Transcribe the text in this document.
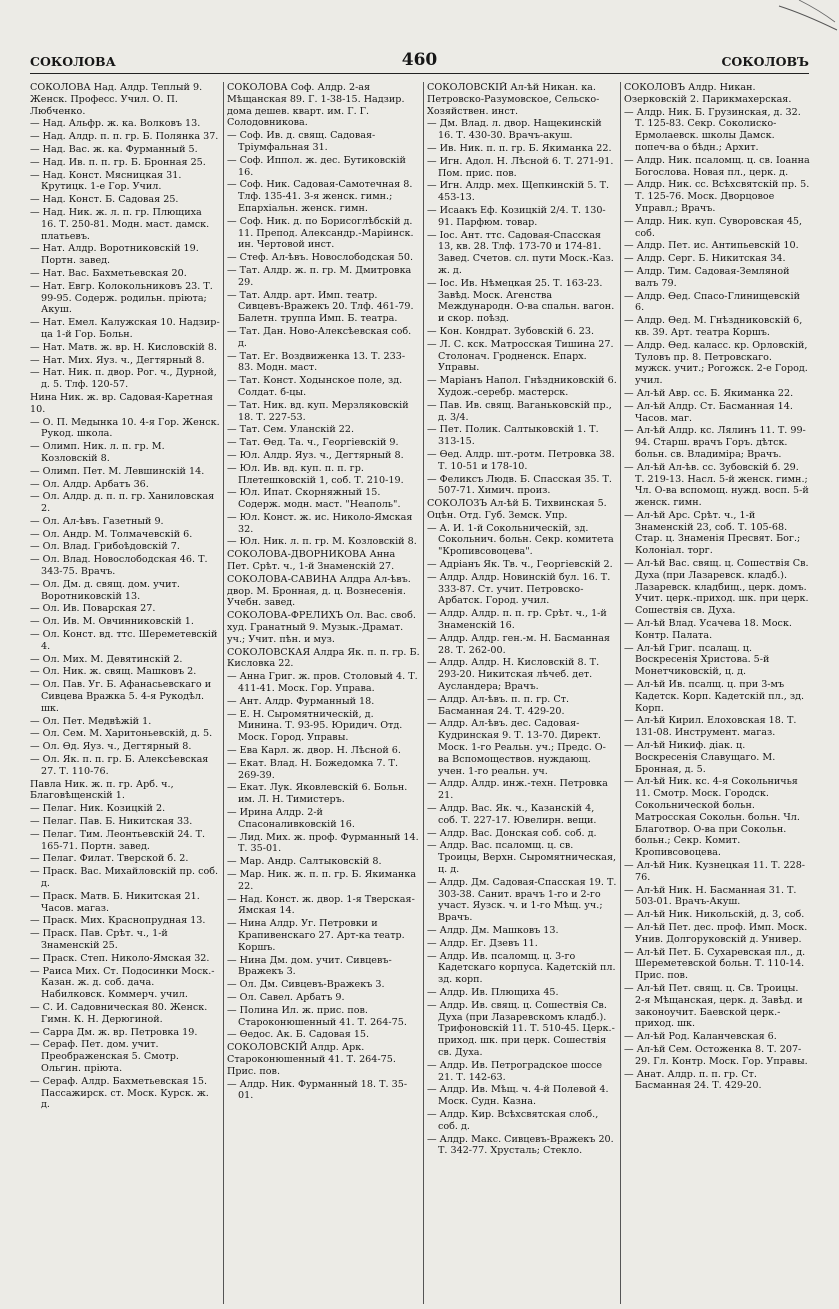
СОКОЛОВА	460	СОКОЛОВЪ
СОКОЛОВА Над. Алдр. Теплый 9. Женск. Професс. Учил. О. П. Любченко.
— Над. Альфр. ж. ка. Волковъ 13.
— Над. Алдр. п. п. гр. Б. Полянка 37.
— Над. Вас. ж. ка. Фурманный 5.
— Над. Ив. п. п. гр. Б. Бронная 25.
— Над. Конст. Мясницкая 31. Крутицк. 1-е Гор. Учил.
— Над. Конст. Б. Садовая 25.
— Над. Ник. ж. л. п. гр. Плющиха 16. Т. 250-81. Модн. маст. дамск. платьевъ.
— Нат. Алдр. Воротниковскій 19. Портн. завед.
— Нат. Вас. Бахметьевская 20.
— Нат. Евгр. Колокольниковъ 23. Т. 99-95. Содерж. родильн. пріюта; Акуш.
— Нат. Емел. Калужская 10. Надзир-ца 1-й Гор. Больн.
— Нат. Матв. ж. вр. Н. Кисловскій 8.
— Нат. Мих. Яуз. ч., Дегтярный 8.
— Нат. Ник. п. двор. Рог. ч., Дурной, д. 5. Тлф. 120-57.
Нина Ник. ж. вр. Садовая-Каретная 10.
— О. П. Медынка 10. 4-я Гор. Женск. Рукод. школа.
— Олимп. Ник. л. п. гр. М. Козловскій 8.
— Олимп. Пет. М. Левшинскій 14.
— Ол. Алдр. Арбатъ 36.
— Ол. Алдр. д. п. п. гр. Ханиловская 2.
— Ол. Ал-ѣвъ. Газетный 9.
— Ол. Андр. М. Толмачевскій 6.
— Ол. Влад. Грибоѣдовскій 7.
— Ол. Влад. Новослободская 46. Т. 343-75. Врачъ.
— Ол. Дм. д. свящ. дом. учит. Воротниковскій 13.
— Ол. Ив. Поварская 27.
— Ол. Ив. М. Овчинниковскій 1.
— Ол. Конст. вд. ттс. Шереметевскій 4.
— Ол. Мих. М. Девятинскій 2.
— Ол. Ник. ж. свящ. Машковъ 2.
— Ол. Пав. Уг. Б. Афанасьевскаго и Сивцева Вражка 5. 4-я Рукодѣл. шк.
— Ол. Пет. Медвѣжій 1.
— Ол. Сем. М. Харитоньевскій, д. 5.
— Ол. Ѳд. Яуз. ч., Дегтярный 8.
— Ол. Як. п. п. гр. Б. Алексѣевская 27. Т. 110-76.
Павла Ник. ж. п. гр. Арб. ч., Благовѣщенскій 1.
— Пелаг. Ник. Козицкій 2.
— Пелаг. Пав. Б. Никитская 33.
— Пелаг. Тим. Леонтьевскій 24. Т. 165-71. Портн. завед.
— Пелаг. Филат. Тверской б. 2.
— Праск. Вас. Михайловскій пр. соб. д.
— Праск. Матв. Б. Никитская 21. Часов. магаз.
— Праск. Мих. Краснопрудная 13.
— Праск. Пав. Срѣт. ч., 1-й Знаменскій 25.
— Праск. Степ. Николо-Ямская 32.
— Раиса Мих. Ст. Подосинки Моск.-Казан. ж. д. соб. дача. Набилковск. Коммерч. учил.
— С. И. Садовническая 80. Женск. Гимн. К. Н. Дерюгиной.
— Сарра Дм. ж. вр. Петровка 19.
— Сераф. Пет. дом. учит. Преображенская 5. Смотр. Ольгин. пріюта.
— Сераф. Алдр. Бахметьевская 15. Пассажирск. ст. Моск. Курск. ж. д.
СОКОЛОВА Соф. Алдр. 2-ая Мѣщанская 89. Г. 1-38-15. Надзир. дома дешев. кварт. им. Г. Г. Солодовникова.
— Соф. Ив. д. свящ. Садовая-Тріумфальная 31.
— Соф. Иппол. ж. дес. Бутиковскій 16.
— Соф. Ник. Садовая-Самотечная 8. Тлф. 135-41. 3-я женск. гимн.; Епархіальн. женск. гимн.
— Соф. Ник. д. по Борисоглѣбскій д. 11. Препод. Александр.-Маріинск. ин. Чертовой инст.
— Стеф. Ал-ѣвъ. Новослободская 50.
— Тат. Алдр. ж. п. гр. М. Дмитровка 29.
— Тат. Алдр. арт. Имп. театр. Сивцевъ-Вражекъ 20. Тлф. 461-79. Балетн. труппа Имп. Б. театра.
— Тат. Дан. Ново-Алексѣевская соб. д.
— Тат. Ег. Воздвиженка 13. Т. 233-83. Модн. маст.
— Тат. Конст. Ходынское поле, зд. Солдат. б-цы.
— Тат. Ник. вд. куп. Мерзляковскій 18. Т. 227-53.
— Тат. Сем. Уланскій 22.
— Тат. Ѳед. Та. ч., Георгіевскій 9.
— Юл. Алдр. Яуз. ч., Дегтярный 8.
— Юл. Ив. вд. куп. п. п. гр. Плетешковскій 1, соб. Т. 210-19.
— Юл. Ипат. Скорняжный 15. Содерж. модн. маст. "Неаполь".
— Юл. Конст. ж. ис. Николо-Ямская 32.
— Юл. Ник. л. п. гр. М. Козловскій 8.
СОКОЛОВА-ДВОРНИКОВА Анна Пет. Срѣт. ч., 1-й Знаменскій 27.
СОКОЛОВА-САВИНА Алдра Ал-ѣвъ. двор. М. Бронная, д. ц. Вознесенія. Учебн. завед.
СОКОЛОВА-ФРЕЛИХЪ Ол. Вас. своб. худ. Гранатный 9. Музык.-Драмат. уч.; Учит. пѣн. и муз.
СОКОЛОВСКАЯ Алдра Як. п. п. гр. Б. Кисловка 22.
— Анна Григ. ж. пров. Столовый 4. Т. 411-41. Моск. Гор. Управа.
— Ант. Алдр. Фурманный 18.
— Е. Н. Сыромятническій, д. Минина. Т. 93-95. Юридич. Отд. Моск. Город. Управы.
— Ева Карл. ж. двор. Н. Лѣсной 6.
— Екат. Влад. Н. Божедомка 7. Т. 269-39.
— Екат. Лук. Яковлевскій 6. Больн. им. Л. Н. Тимистеръ.
— Ирина Алдр. 2-й Спасоналивковскій 16.
— Лид. Мих. ж. проф. Фурманный 14. Т. 35-01.
— Мар. Андр. Салтыковскій 8.
— Мар. Ник. ж. п. п. гр. Б. Якиманка 22.
— Над. Конст. ж. двор. 1-я Тверская-Ямская 14.
— Нина Алдр. Уг. Петровки и Крапивенскаго 27. Арт-ка театр. Коршъ.
— Нина Дм. дом. учит. Сивцевъ-Вражекъ 3.
— Ол. Дм. Сивцевъ-Вражекъ 3.
— Ол. Савел. Арбатъ 9.
— Полина Ил. ж. прис. пов. Староконюшенный 41. Т. 264-75.
— Ѳедос. Ак. Б. Садовая 15.
СОКОЛОВСКІЙ Алдр. Арк. Староконюшенный 41. Т. 264-75. Прис. пов.
— Алдр. Ник. Фурманный 18. Т. 35-01.
СОКОЛОВСКІЙ Ал-ѣй Никан. ка. Петровско-Разумовское, Сельско-Хозяйствен. инст.
— Дм. Влад. л. двор. Нащекинскій 16. Т. 430-30. Врачъ-акуш.
— Ив. Ник. п. п. гр. Б. Якиманка 22.
— Игн. Адол. Н. Лѣсной 6. Т. 271-91. Пом. прис. пов.
— Игн. Алдр. мех. Щепкинскій 5. Т. 453-13.
— Исаакъ Еф. Козицкій 2/4. Т. 130-91. Парфюм. товар.
— Іос. Ант. ттс. Садовая-Спасская 13, кв. 28. Тлф. 173-70 и 174-81. Завед. Счетов. сл. пути Моск.-Каз. ж. д.
— Іос. Ив. Нѣмецкая 25. Т. 163-23. Завѣд. Моск. Агенства Международн. О-ва спальн. вагон. и скор. поѣзд.
— Кон. Кондрат. Зубовскій 6. 23.
— Л. С. кск. Матросская Тишина 27. Столонач. Гродненск. Епарх. Управы.
— Маріанъ Напол. Гнѣздниковскій 6. Худож.-серебр. мастерск.
— Пав. Ив. свящ. Ваганьковскій пр., д. 3/4.
— Пет. Полик. Салтыковскій 1. Т. 313-15.
— Ѳед. Алдр. шт.-ротм. Петровка 38. Т. 10-51 и 178-10.
— Феликсъ Людв. Б. Спасская 35. Т. 507-71. Химич. произ.
СОКОЛОЗЪ Ал-ѣй Б. Тихвинская 5. Оцѣн. Отд. Губ. Земск. Упр.
— А. И. 1-й Сокольническій, зд. Сокольнич. больн. Секр. комитета "Кропивсовоцева".
— Адріанъ Як. Тв. ч., Георгіевскій 2.
— Алдр. Алдр. Новинскій бул. 16. Т. 333-87. Ст. учит. Петровско-Арбатск. Город. учил.
— Алдр. Алдр. п. п. гр. Срѣт. ч., 1-й Знаменскій 16.
— Алдр. Алдр. ген.-м. Н. Басманная 28. Т. 262-00.
— Алдр. Алдр. Н. Кисловскій 8. Т. 293-20. Никитская лѣчеб. дет. Аусландера; Врачъ.
— Алдр. Ал-ѣвъ. п. п. гр. Ст. Басманная 24. Т. 429-20.
— Алдр. Ал-ѣвъ. дес. Садовая-Кудринская 9. Т. 13-70. Директ. Моск. 1-го Реальн. уч.; Предс. О-ва Вспомоществов. нуждающ. учен. 1-го реальн. уч.
— Алдр. Алдр. инж.-техн. Петровка 21.
— Алдр. Вас. Як. ч., Казанскій 4, соб. Т. 227-17. Ювелирн. вещи.
— Алдр. Вас. Донская соб. соб. д.
— Алдр. Вас. псаломщ. ц. св. Троицы, Верхн. Сыромятническая, ц. д.
— Алдр. Дм. Садовая-Спасская 19. Т. 303-38. Санит. врачъ 1-го и 2-го участ. Яузск. ч. и 1-го Мѣщ. уч.; Врачъ.
— Алдр. Дм. Машковъ 13.
— Алдр. Ег. Дзевъ 11.
— Алдр. Ив. псаломщ. ц. 3-го Кадетскаго корпуса. Кадетскій пл. зд. корп.
— Алдр. Ив. Плющиха 45.
— Алдр. Ив. свящ. ц. Сошествія Св. Духа (при Лазаревскомъ кладб.). Трифоновскій 11. Т. 510-45. Церк.-приход. шк. при церк. Сошествія св. Духа.
— Алдр. Ив. Петроградское шоссе 21. Т. 142-63.
— Алдр. Ив. Мѣщ. ч. 4-й Полевой 4. Моск. Судн. Казна.
— Алдр. Кир. Всѣхсвятская слоб., соб. д.
— Алдр. Макс. Сивцевъ-Вражекъ 20. Т. 342-77. Хрусталь; Стекло.
СОКОЛОВЪ Алдр. Никан. Озерковскій 2. Парикмахерская.
— Алдр. Ник. Б. Грузинская, д. 32. Т. 125-83. Секр. Соколиско-Ермолаевск. школы Дамск. попеч-ва о бѣдн.; Архит.
— Алдр. Ник. псаломщ. ц. св. Іоанна Богослова. Новая пл., церк. д.
— Алдр. Ник. сс. Всѣхсвятскій пр. 5. Т. 125-76. Моск. Дворцовое Управл.; Врачъ.
— Алдр. Ник. куп. Суворовская 45, соб.
— Алдр. Пет. ис. Антипьевскій 10.
— Алдр. Серг. Б. Никитская 34.
— Алдр. Тим. Садовая-Земляной валъ 79.
— Алдр. Ѳед. Спасо-Глинищевскій 6.
— Алдр. Ѳед. М. Гнѣздниковскій 6, кв. 39. Арт. театра Коршъ.
— Алдр. Ѳед. каласс. кр. Орловскій, Туловъ пр. 8. Петровскаго. мужск. учит.; Рогожск. 2-е Город. учил.
— Ал-ѣй Авр. сс. Б. Якиманка 22.
— Ал-ѣй Алдр. Ст. Басманная 14. Часов. маг.
— Ал-ѣй Алдр. кс. Лялинъ 11. Т. 99-94. Старш. врачъ Горъ. дѣтск. больн. св. Владиміра; Врачъ.
— Ал-ѣй Ал-ѣв. сс. Зубовскій б. 29. Т. 219-13. Насл. 5-й женск. гимн.; Чл. О-ва вспомощ. нужд. восп. 5-й женск. гимн.
— Ал-ѣй Арс. Срѣт. ч., 1-й Знаменскій 23, соб. Т. 105-68. Стар. ц. Знаменія Пресвят. Бог.; Колоніал. торг.
— Ал-ѣй Вас. свящ. ц. Сошествія Св. Духа (при Лазаревск. кладб.). Лазаревск. кладбищ., церк. домъ. Учит. церк.-приход. шк. при церк. Сошествія св. Духа.
— Ал-ѣй Влад. Усачева 18. Моск. Контр. Палата.
— Ал-ѣй Григ. псалащ. ц. Воскресенія Христова. 5-й Монетчиковскій, ц. д.
— Ал-ѣй Ив. псалщ. ц. при 3-мъ Кадетск. Корп. Кадетскій пл., зд. Корп.
— Ал-ѣй Кирил. Елоховская 18. Т. 131-08. Инструмент. магаз.
— Ал-ѣй Никиф. діак. ц. Воскресенія Славущаго. М. Бронная, д. 5.
— Ал-ѣй Ник. кс. 4-я Сокольничья 11. Смотр. Моск. Городск. Сокольнической больн. Матросская Сокольн. больн. Чл. Благотвор. О-ва при Сокольн. больн.; Секр. Комит. Кропивсовоцева.
— Ал-ѣй Ник. Кузнецкая 11. Т. 228-76.
— Ал-ѣй Ник. Н. Басманная 31. Т. 503-01. Врачъ-Акуш.
— Ал-ѣй Ник. Никольскій, д. 3, соб.
— Ал-ѣй Пет. дес. проф. Имп. Моск. Унив. Долгоруковскій д. Универ.
— Ал-ѣй Пет. Б. Сухаревская пл., д. Шереметевской больн. Т. 110-14. Прис. пов.
— Ал-ѣй Пет. свящ. ц. Св. Троицы. 2-я Мѣщанская, церк. д. Завѣд. и законоучит. Баевской церк.-приход. шк.
— Ал-ѣй Род. Каланчевская 6.
— Ал-ѣй Сем. Остоженка 8. Т. 207-29. Гл. Контр. Моск. Гор. Управы.
— Анат. Алдр. п. п. гр. Ст. Басманная 24. Т. 429-20.
